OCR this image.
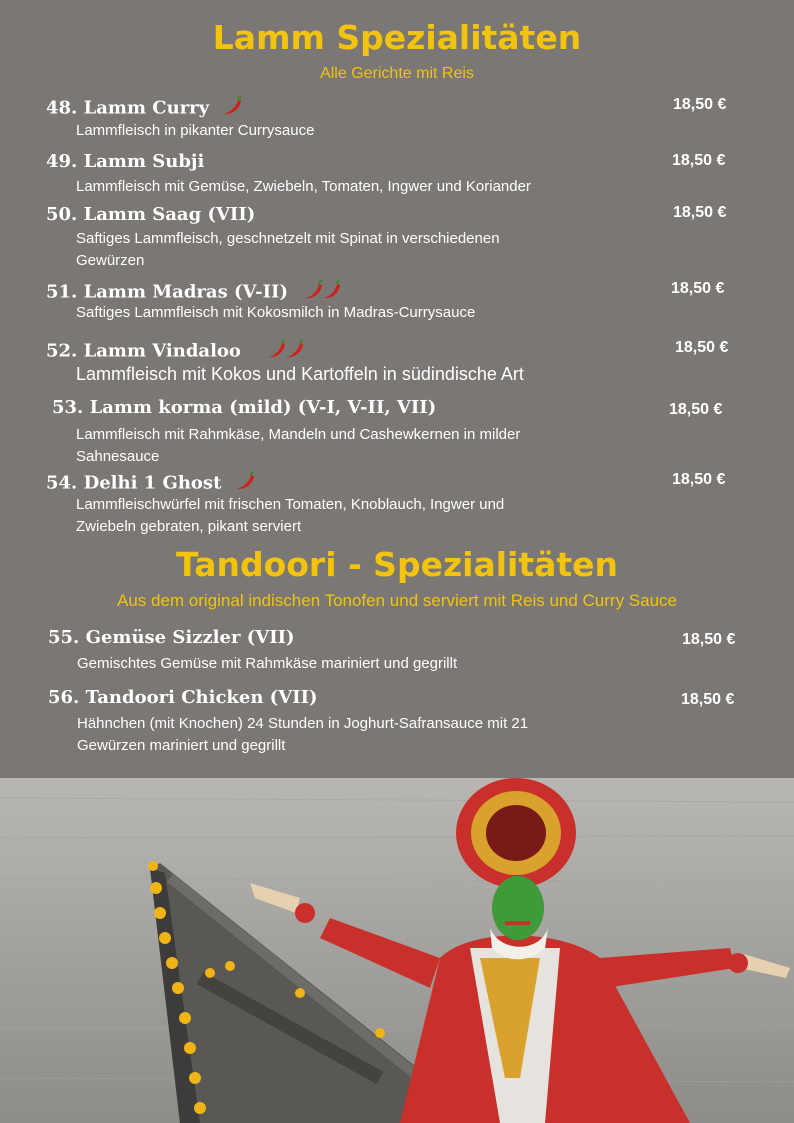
Lamm Spezialitäten
Alle Gerichte mit Reis
48. Lamm Curry
Lammfleisch in pikanter Currysauce
18,50 €
49. Lamm Subji
Lammfleisch mit Gemüse, Zwiebeln, Tomaten, Ingwer und Koriander
18,50 €
50. Lamm Saag (VII)
Saftiges Lammfleisch, geschnetzelt mit Spinat in verschiedenen Gewürzen
18,50 €
51. Lamm Madras (V-II)
Saftiges Lammfleisch mit Kokosmilch in Madras-Currysauce
18,50 €
52. Lamm Vindaloo
Lammfleisch mit Kokos und Kartoffeln in südindische Art
18,50 €
53. Lamm korma (mild) (V-I, V-II, VII)
Lammfleisch mit Rahmkäse, Mandeln und Cashewkernen in milder Sahnesauce
18,50 €
54. Delhi 1 Ghost
Lammfleischwürfel mit frischen Tomaten, Knoblauch, Ingwer und Zwiebeln gebraten, pikant serviert
18,50 €
Tandoori - Spezialitäten
Aus dem original indischen Tonofen und serviert mit Reis und Curry Sauce
55. Gemüse Sizzler (VII)
Gemischtes Gemüse mit Rahmkäse mariniert und gegrillt
18,50 €
56. Tandoori Chicken (VII)
Hähnchen (mit Knochen) 24 Stunden in Joghurt-Safransauce mit 21 Gewürzen mariniert und gegrillt
18,50 €
